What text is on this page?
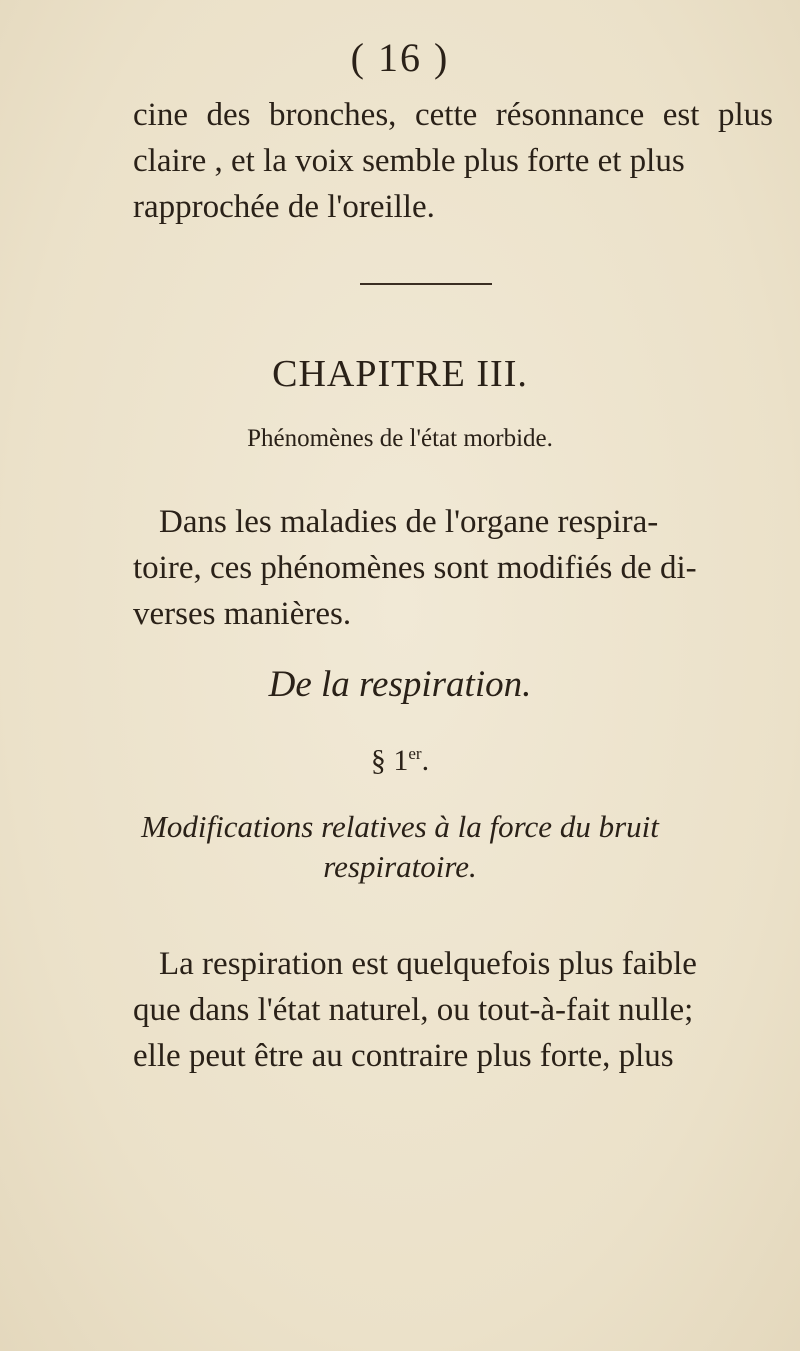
( 16 )
cine des bronches, cette résonnance est plus
claire , et la voix semble plus forte et plus
rapprochée de l'oreille.
CHAPITRE III.
Phénomènes de l'état morbide.
Dans les maladies de l'organe respira-
toire, ces phénomènes sont modifiés de di-
verses manières.
De la respiration.
§ 1er.
Modifications relatives à la force du bruit
respiratoire.
La respiration est quelquefois plus faible
que dans l'état naturel, ou tout-à-fait nulle;
elle peut être au contraire plus forte, plus
